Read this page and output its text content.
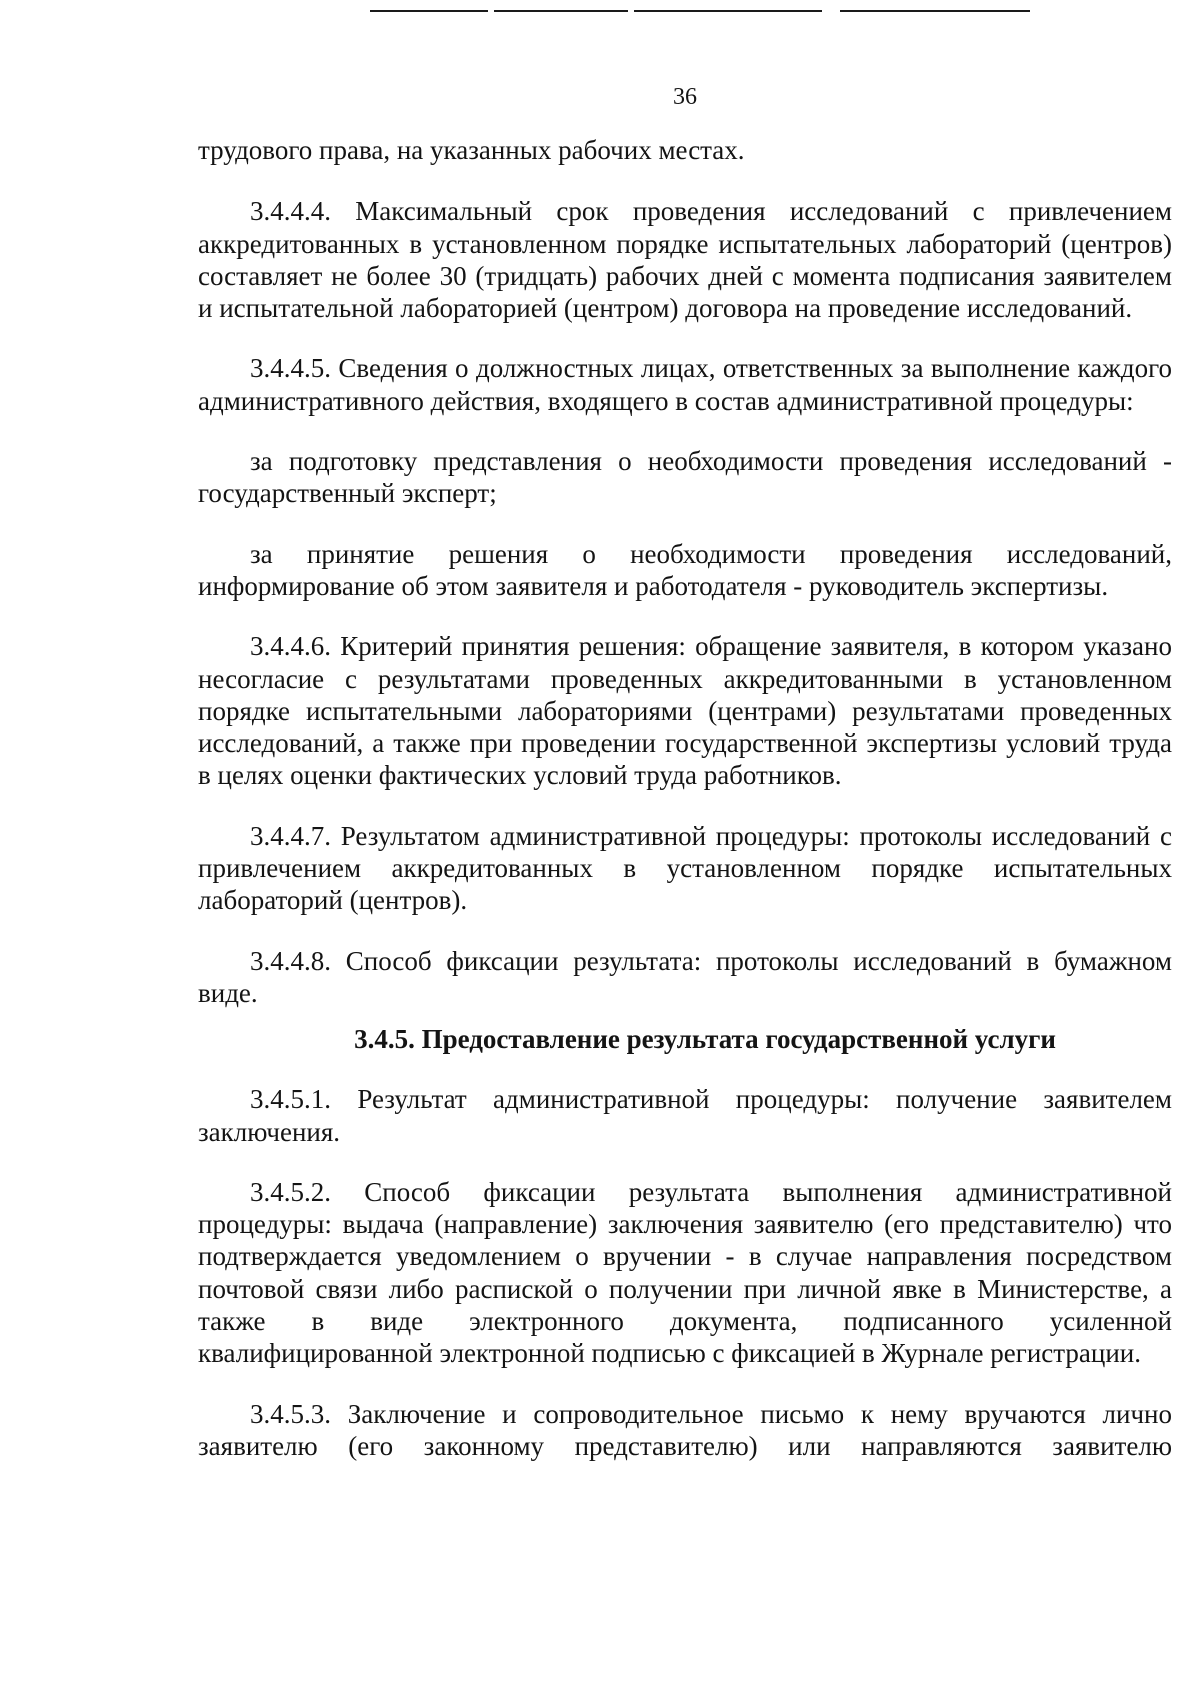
36

трудового права, на указанных рабочих местах.

3.4.4.4. Максимальный срок проведения исследований с привлечением аккредитованных в установленном порядке испытательных лабораторий (центров) составляет не более 30 (тридцать) рабочих дней с момента подписания заявителем и испытательной лабораторией (центром) договора на проведение исследований.

3.4.4.5. Сведения о должностных лицах, ответственных за выполнение каждого административного действия, входящего в состав административной процедуры:

за подготовку представления о необходимости проведения исследований - государственный эксперт;

за принятие решения о необходимости проведения исследований, информирование об этом заявителя и работодателя - руководитель экспертизы.

3.4.4.6. Критерий принятия решения: обращение заявителя, в котором указано несогласие с результатами проведенных аккредитованными в установленном порядке испытательными лабораториями (центрами) результатами проведенных исследований, а также при проведении государственной экспертизы условий труда в целях оценки фактических условий труда работников.

3.4.4.7. Результатом административной процедуры: протоколы исследований с привлечением аккредитованных в установленном порядке испытательных лабораторий (центров).

3.4.4.8. Способ фиксации результата: протоколы исследований в бумажном виде.

3.4.5. Предоставление результата государственной услуги

3.4.5.1. Результат административной процедуры: получение заявителем заключения.

3.4.5.2. Способ фиксации результата выполнения административной процедуры: выдача (направление) заключения заявителю (его представителю) что подтверждается уведомлением о вручении - в случае направления посредством почтовой связи либо распиской о получении при личной явке в Министерстве, а также в виде электронного документа, подписанного усиленной квалифицированной электронной подписью с фиксацией в Журнале регистрации.

3.4.5.3. Заключение и сопроводительное письмо к нему вручаются лично заявителю (его законному представителю) или направляются заявителю
